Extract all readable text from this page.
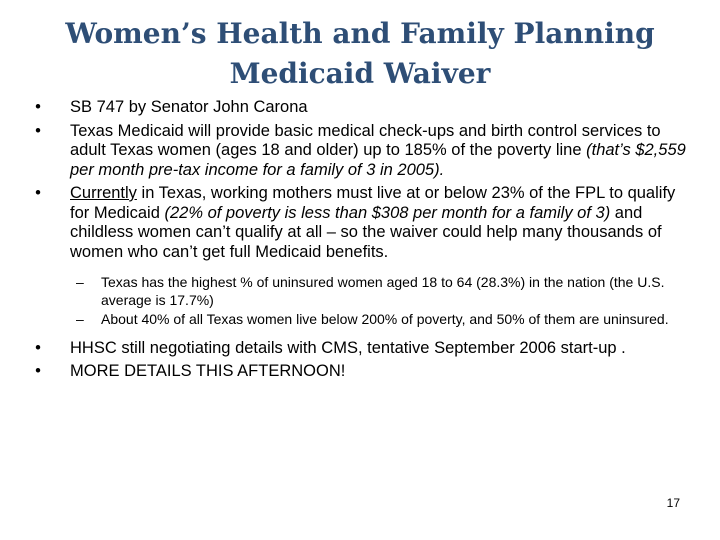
Women’s Health and Family Planning
Medicaid Waiver
•	SB 747 by Senator John Carona
•	Texas Medicaid will provide basic medical check-ups and birth control services to adult Texas women (ages 18 and older) up to 185% of the poverty line (that’s $2,559 per month pre-tax income for a family of 3 in 2005).
•	Currently in Texas, working mothers must live at or below 23% of the FPL to qualify for Medicaid (22% of poverty is less than $308 per month for a family of 3) and childless women can’t qualify at all – so the waiver could help many thousands of women who can’t get full Medicaid benefits.
– Texas has the highest % of uninsured women aged 18 to 64 (28.3%) in the nation (the U.S. average is 17.7%)
– About 40% of all Texas women live below 200% of poverty, and 50% of them are uninsured.
•	HHSC still negotiating details with CMS, tentative September 2006 start-up .
•	MORE DETAILS THIS AFTERNOON!
17
